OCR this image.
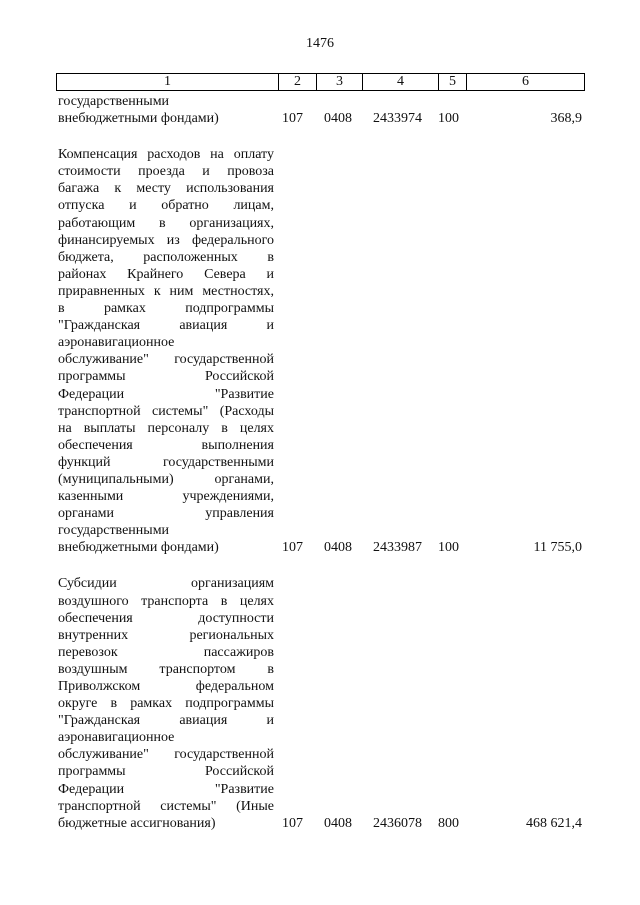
1476
1	2	3	4	5	6
государственными
внебюджетными фондами)	107 0408 2433974 100	368,9
Компенсация расходов на оплату
стоимости проезда и провоза
багажа к месту использования
отпуска и обратно лицам,
работающим в организациях,
финансируемых из федерального
бюджета, расположенных в
районах Крайнего Севера и
приравненных к ним местностях,
в рамках подпрограммы
"Гражданская авиация и
аэронавигационное
обслуживание" государственной
программы Российской
Федерации "Развитие
транспортной системы" (Расходы
на выплаты персоналу в целях
обеспечения выполнения
функций государственными
(муниципальными) органами,
казенными учреждениями,
органами управления
государственными
внебюджетными фондами)	107 0408 2433987 100	11 755,0
Субсидии организациям
воздушного транспорта в целях
обеспечения доступности
внутренних региональных
перевозок пассажиров
воздушным транспортом в
Приволжском федеральном
округе в рамках подпрограммы
"Гражданская авиация и
аэронавигационное
обслуживание" государственной
программы Российской
Федерации "Развитие
транспортной системы" (Иные
бюджетные ассигнования)	107 0408 2436078 800	468 621,4
